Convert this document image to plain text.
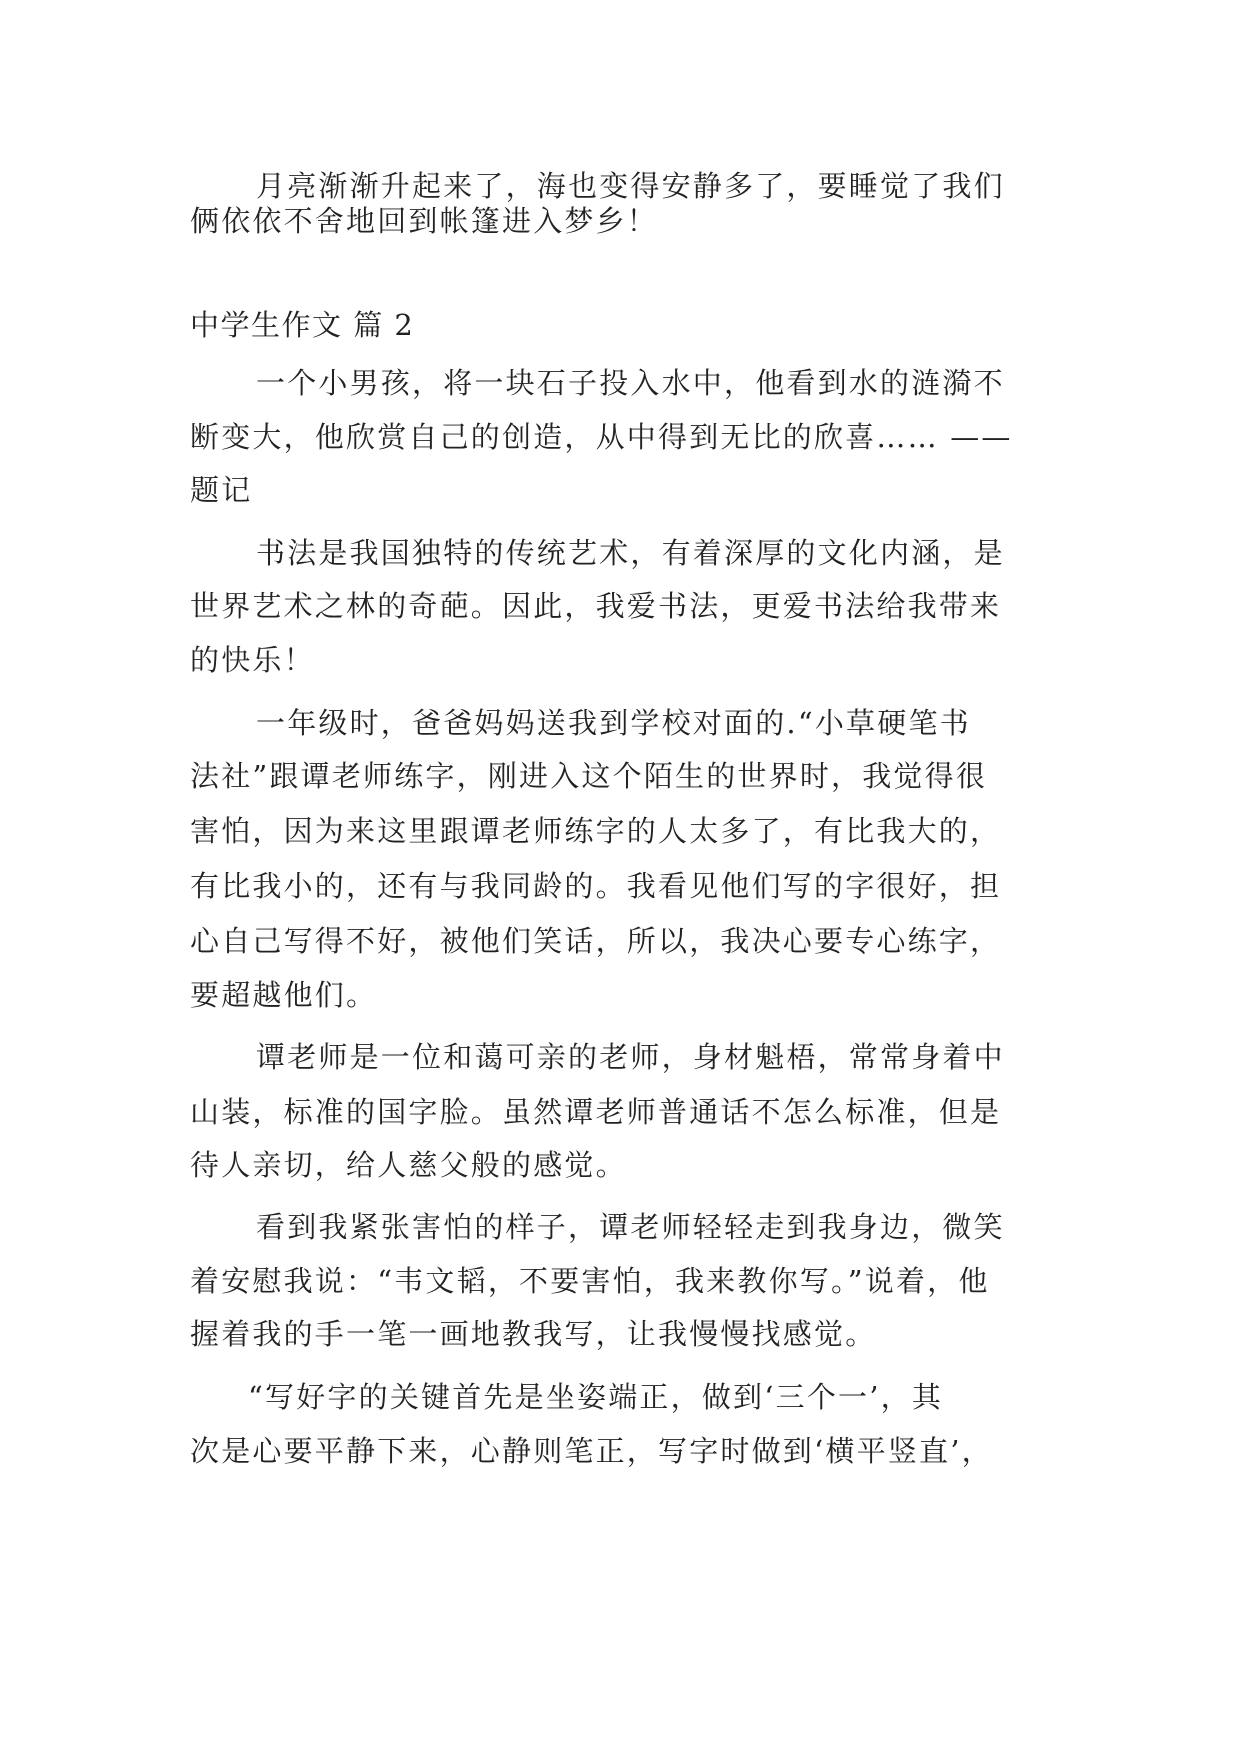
月亮渐渐升起来了，海也变得安静多了，要睡觉了我们
俩依依不舍地回到帐篷进入梦乡！
中学生作文 篇 2
一个小男孩，将一块石子投入水中，他看到水的涟漪不
断变大，他欣赏自己的创造，从中得到无比的欣喜…… ——
题记
书法是我国独特的传统艺术，有着深厚的文化内涵，是
世界艺术之林的奇葩。因此，我爱书法，更爱书法给我带来
的快乐！
一年级时，爸爸妈妈送我到学校对面的.“小草硬笔书
法社”跟谭老师练字，刚进入这个陌生的世界时，我觉得很
害怕，因为来这里跟谭老师练字的人太多了，有比我大的，
有比我小的，还有与我同龄的。我看见他们写的字很好，担
心自己写得不好，被他们笑话，所以，我决心要专心练字，
要超越他们。
谭老师是一位和蔼可亲的老师，身材魁梧，常常身着中
山装，标准的国字脸。虽然谭老师普通话不怎么标准，但是
待人亲切，给人慈父般的感觉。
看到我紧张害怕的样子，谭老师轻轻走到我身边，微笑
着安慰我说：“韦文韬，不要害怕，我来教你写。”说着，他
握着我的手一笔一画地教我写，让我慢慢找感觉。
“写好字的关键首先是坐姿端正，做到‘三个一’，其
次是心要平静下来，心静则笔正，写字时做到‘横平竖直’，
